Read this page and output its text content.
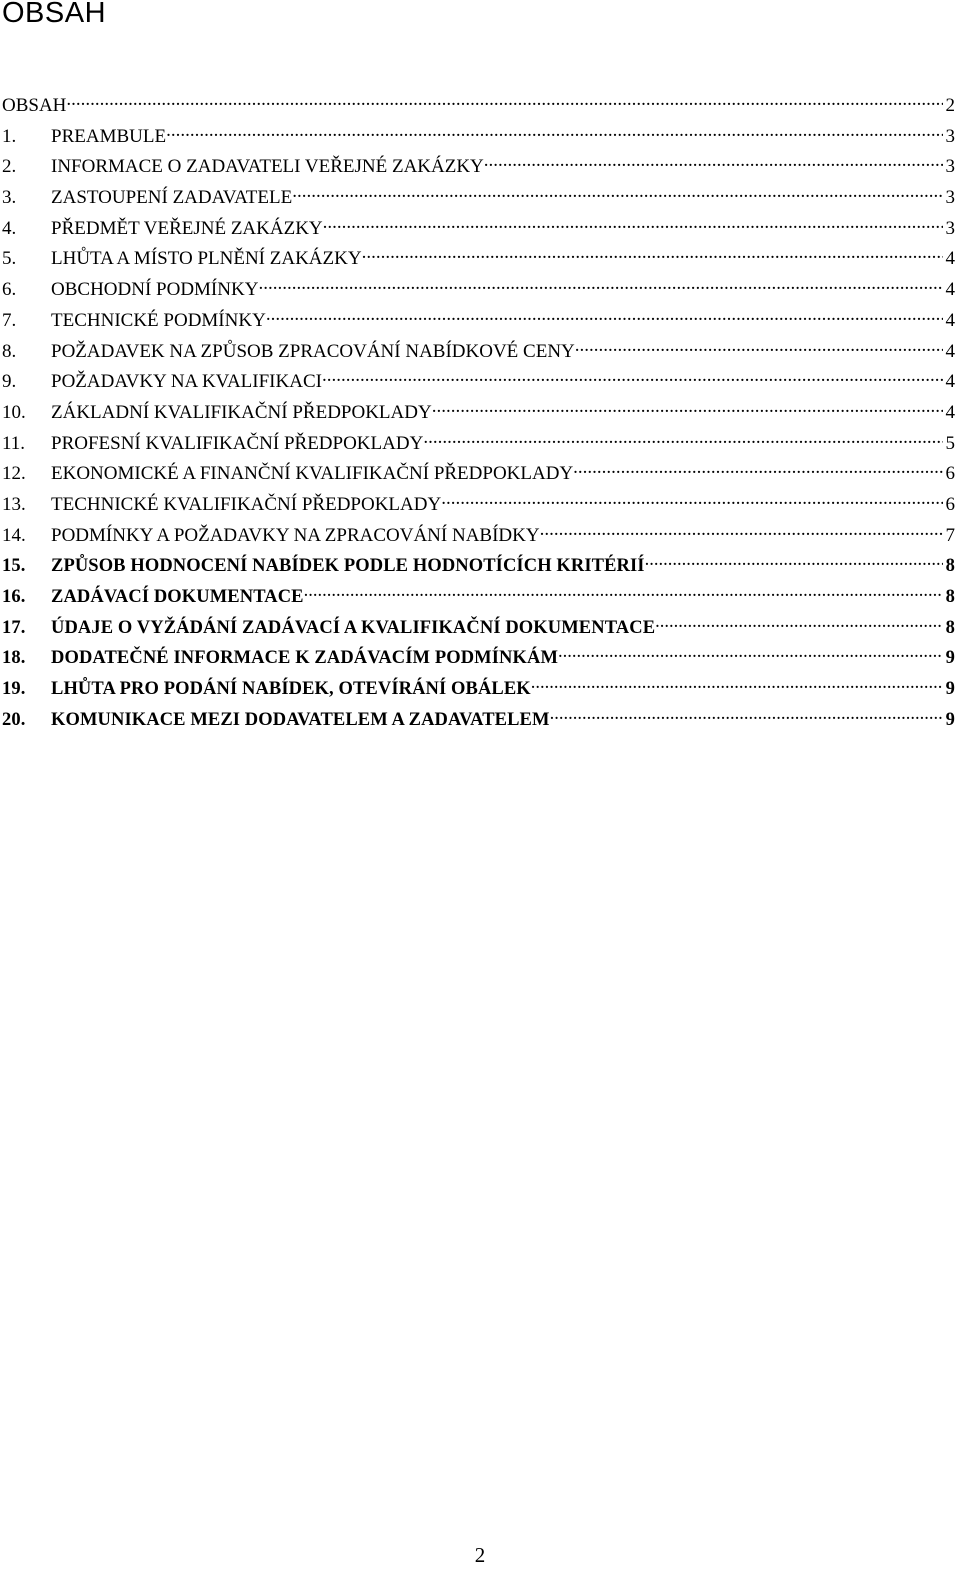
OBSAH
OBSAH .....	2
1.	PREAMBULE .....	3
2.	INFORMACE O ZADAVATELI VEŘEJNÉ ZAKÁZKY .....	3
3.	ZASTOUPENÍ ZADAVATELE .....	3
4.	PŘEDMĚT VEŘEJNÉ ZAKÁZKY .....	3
5.	LHŮTA A MÍSTO PLNĚNÍ ZAKÁZKY .....	4
6.	OBCHODNÍ PODMÍNKY .....	4
7.	TECHNICKÉ PODMÍNKY .....	4
8.	POŽADAVEK NA ZPŮSOB ZPRACOVÁNÍ NABÍDKOVÉ CENY .....	4
9.	POŽADAVKY NA KVALIFIKACI .....	4
10.	ZÁKLADNÍ KVALIFIKAČNÍ PŘEDPOKLADY .....	4
11.	PROFESNÍ KVALIFIKAČNÍ PŘEDPOKLADY .....	5
12.	EKONOMICKÉ A FINANČNÍ KVALIFIKAČNÍ PŘEDPOKLADY .....	6
13.	TECHNICKÉ KVALIFIKAČNÍ PŘEDPOKLADY .....	6
14.	PODMÍNKY A POŽADAVKY NA ZPRACOVÁNÍ NABÍDKY .....	7
15.	ZPŮSOB HODNOCENÍ NABÍDEK PODLE HODNOTÍCÍCH KRITÉRIÍ .....	8
16.	ZADÁVACÍ DOKUMENTACE .....	8
17.	ÚDAJE O VYŽÁDÁNÍ ZADÁVACÍ A KVALIFIKAČNÍ DOKUMENTACE .....	8
18.	DODATEČNÉ INFORMACE K ZADÁVACÍM PODMÍNKÁM .....	9
19.	LHŮTA PRO PODÁNÍ NABÍDEK, OTEVÍRÁNÍ OBÁLEK .....	9
20.	KOMUNIKACE MEZI DODAVATELEM A ZADAVATELEM .....	9
2
